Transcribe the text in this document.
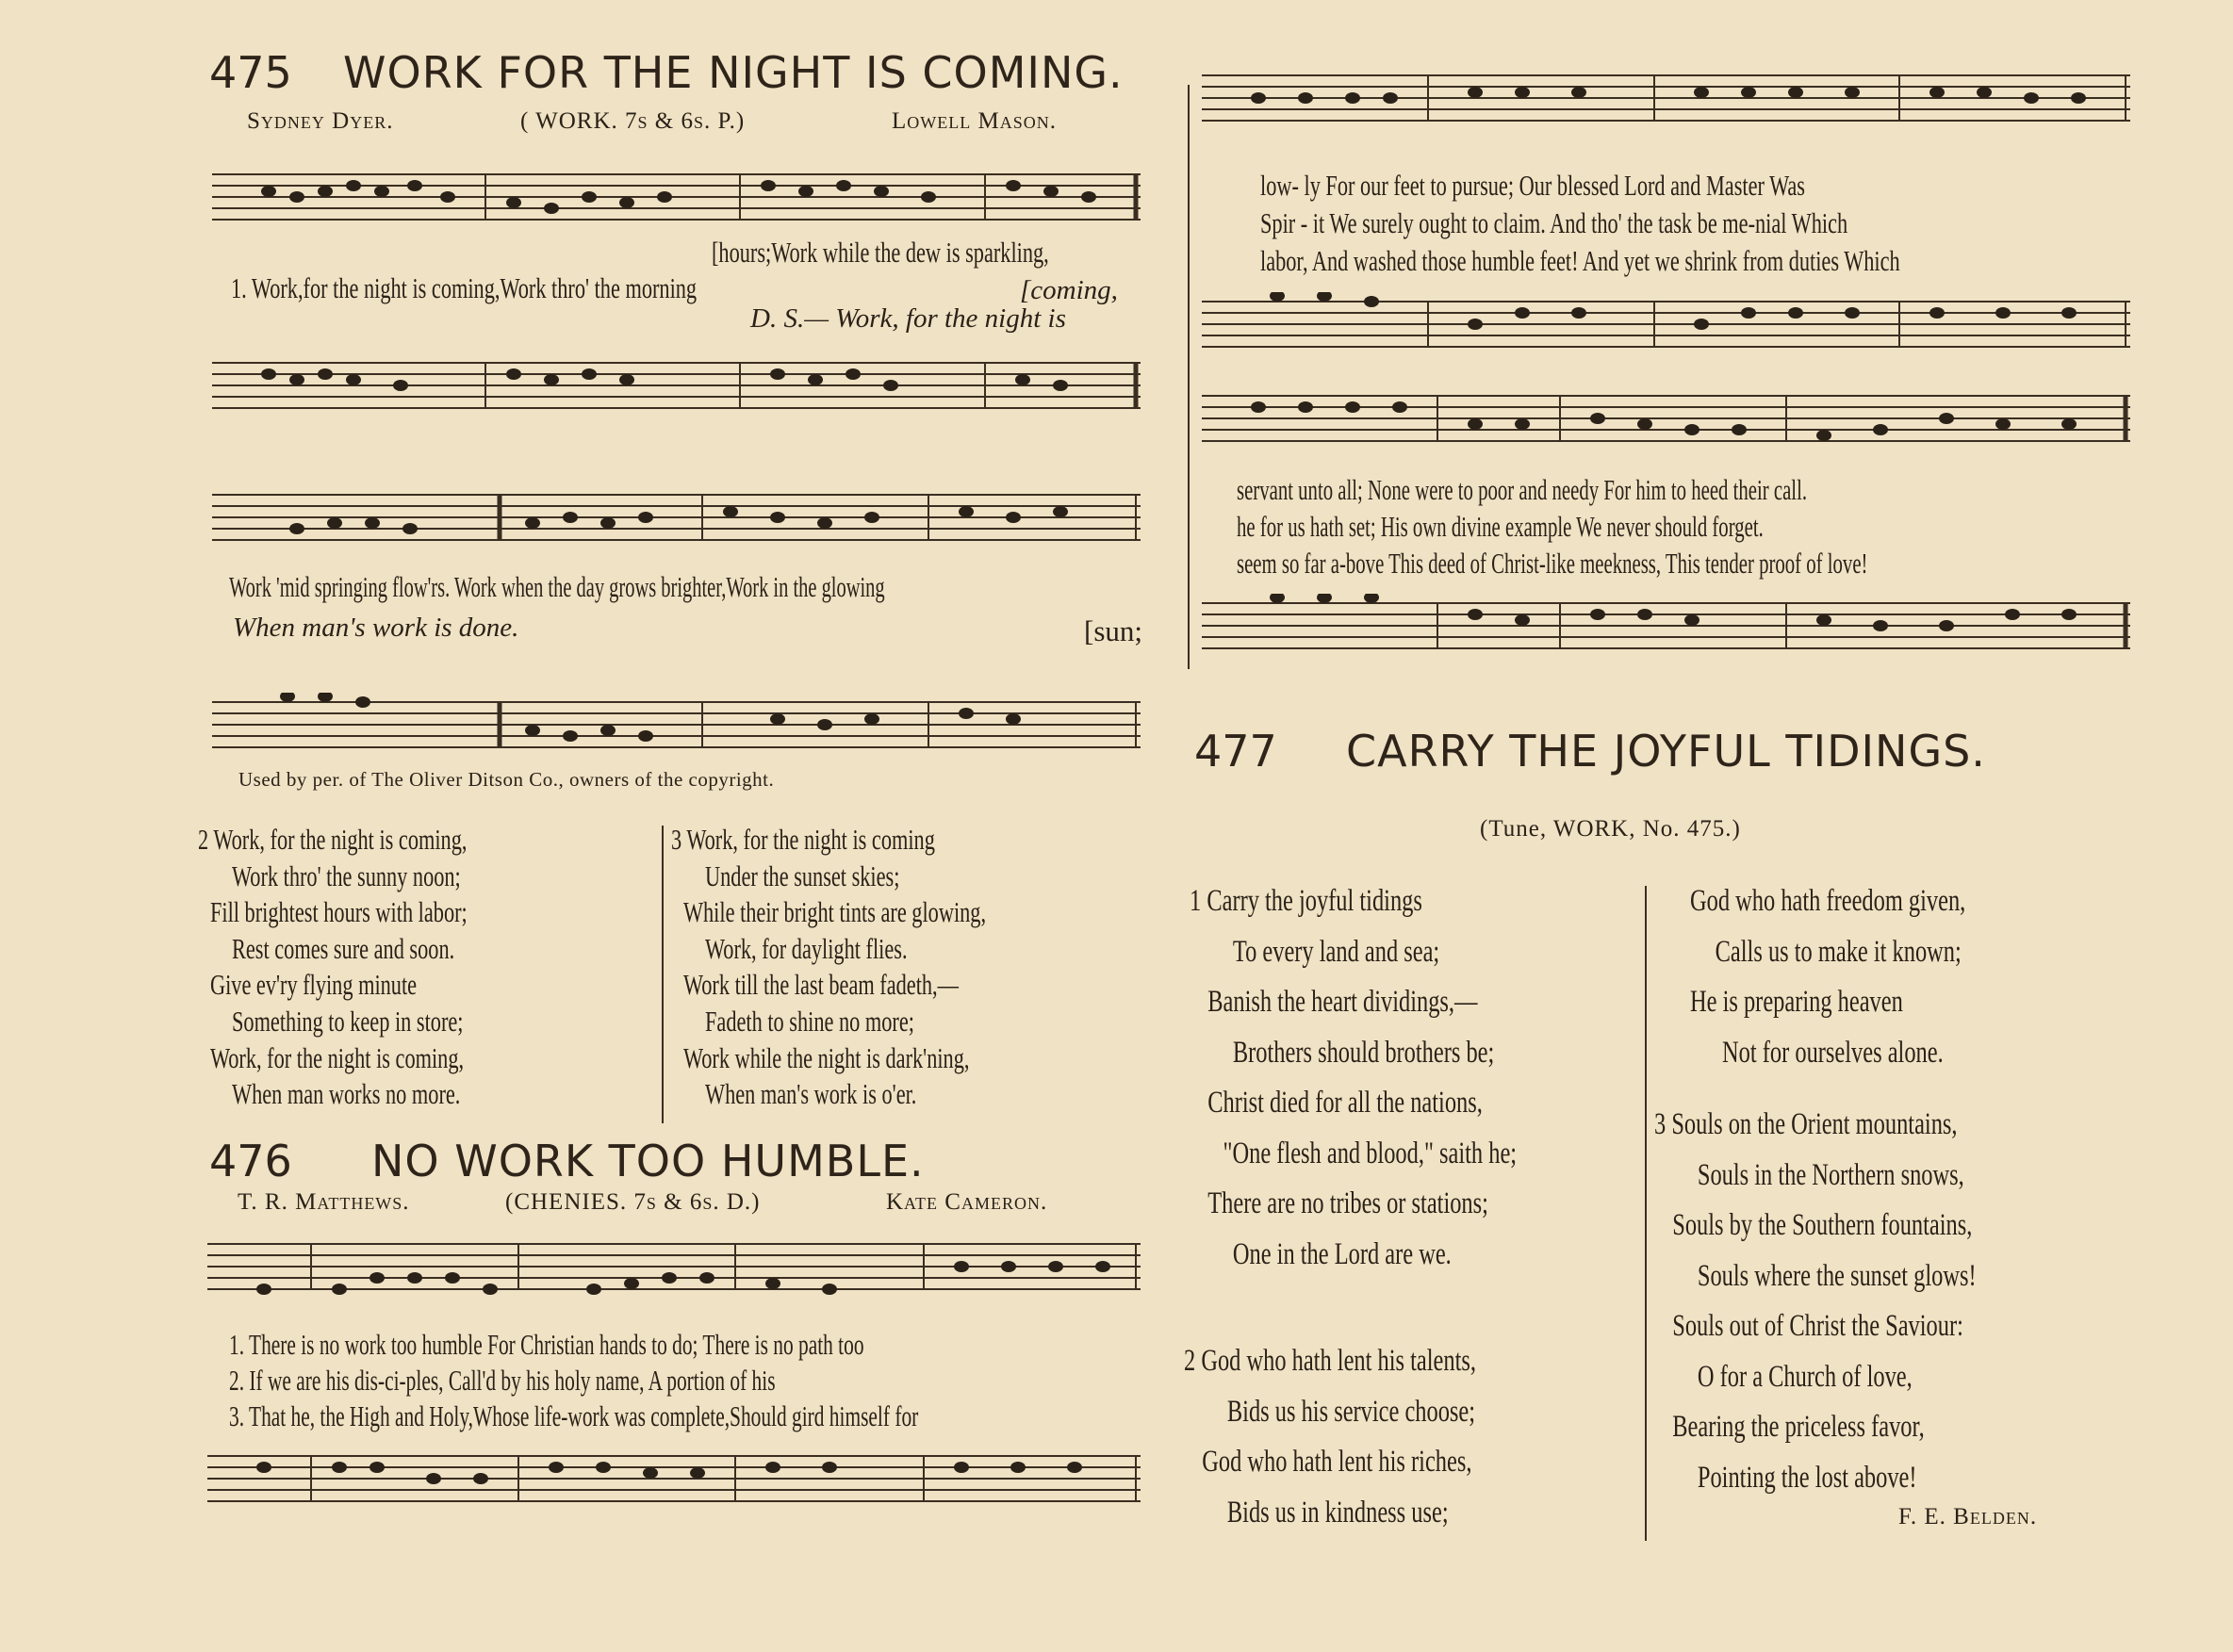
475 WORK FOR THE NIGHT IS COMING.
Sydney Dyer.	( WORK. 7s & 6s. P.)	Lowell Mason.
[hours;Work while the dew is sparkling,
1. Work,for the night is coming,Work thro' the morning	[coming,
D. S.— Work, for the night is
Work 'mid springing flow'rs. Work when the day grows brighter,Work in the glowing
When man's work is done.	[sun;
Used by per. of The Oliver Ditson Co., owners of the copyright.
2 Work, for the night is coming,
Work thro' the sunny noon;
Fill brightest hours with labor;
Rest comes sure and soon.
Give ev'ry flying minute
Something to keep in store;
Work, for the night is coming,
When man works no more.
3 Work, for the night is coming
Under the sunset skies;
While their bright tints are glowing,
Work, for daylight flies.
Work till the last beam fadeth,—
Fadeth to shine no more;
Work while the night is dark'ning,
When man's work is o'er.
476 NO WORK TOO HUMBLE.
T. R. Matthews.	(CHENIES. 7s & 6s. D.)	Kate Cameron.
1. There is no work too humble For Christian hands to do; There is no path too
2. If we are his dis-ci-ples, Call'd by his holy name, A portion of his
3. That he, the High and Holy,Whose life-work was complete,Should gird himself for
low- ly For our feet to pursue; Our blessed Lord and Master Was
Spir - it We surely ought to claim. And tho' the task be me-nial Which
labor, And washed those humble feet! And yet we shrink from duties Which
servant unto all; None were to poor and needy For him to heed their call.
he for us hath set; His own divine example We never should forget.
seem so far a-bove This deed of Christ-like meekness, This tender proof of love!
477 CARRY THE JOYFUL TIDINGS.
(Tune, WORK, No. 475.)
1 Carry the joyful tidings
To every land and sea;
Banish the heart dividings,—
Brothers should brothers be;
Christ died for all the nations,
"One flesh and blood," saith he;
There are no tribes or stations;
One in the Lord are we.
2 God who hath lent his talents,
Bids us his service choose;
God who hath lent his riches,
Bids us in kindness use;
God who hath freedom given,
Calls us to make it known;
He is preparing heaven
Not for ourselves alone.
3 Souls on the Orient mountains,
Souls in the Northern snows,
Souls by the Southern fountains,
Souls where the sunset glows!
Souls out of Christ the Saviour:
O for a Church of love,
Bearing the priceless favor,
Pointing the lost above!
F. E. Belden.
